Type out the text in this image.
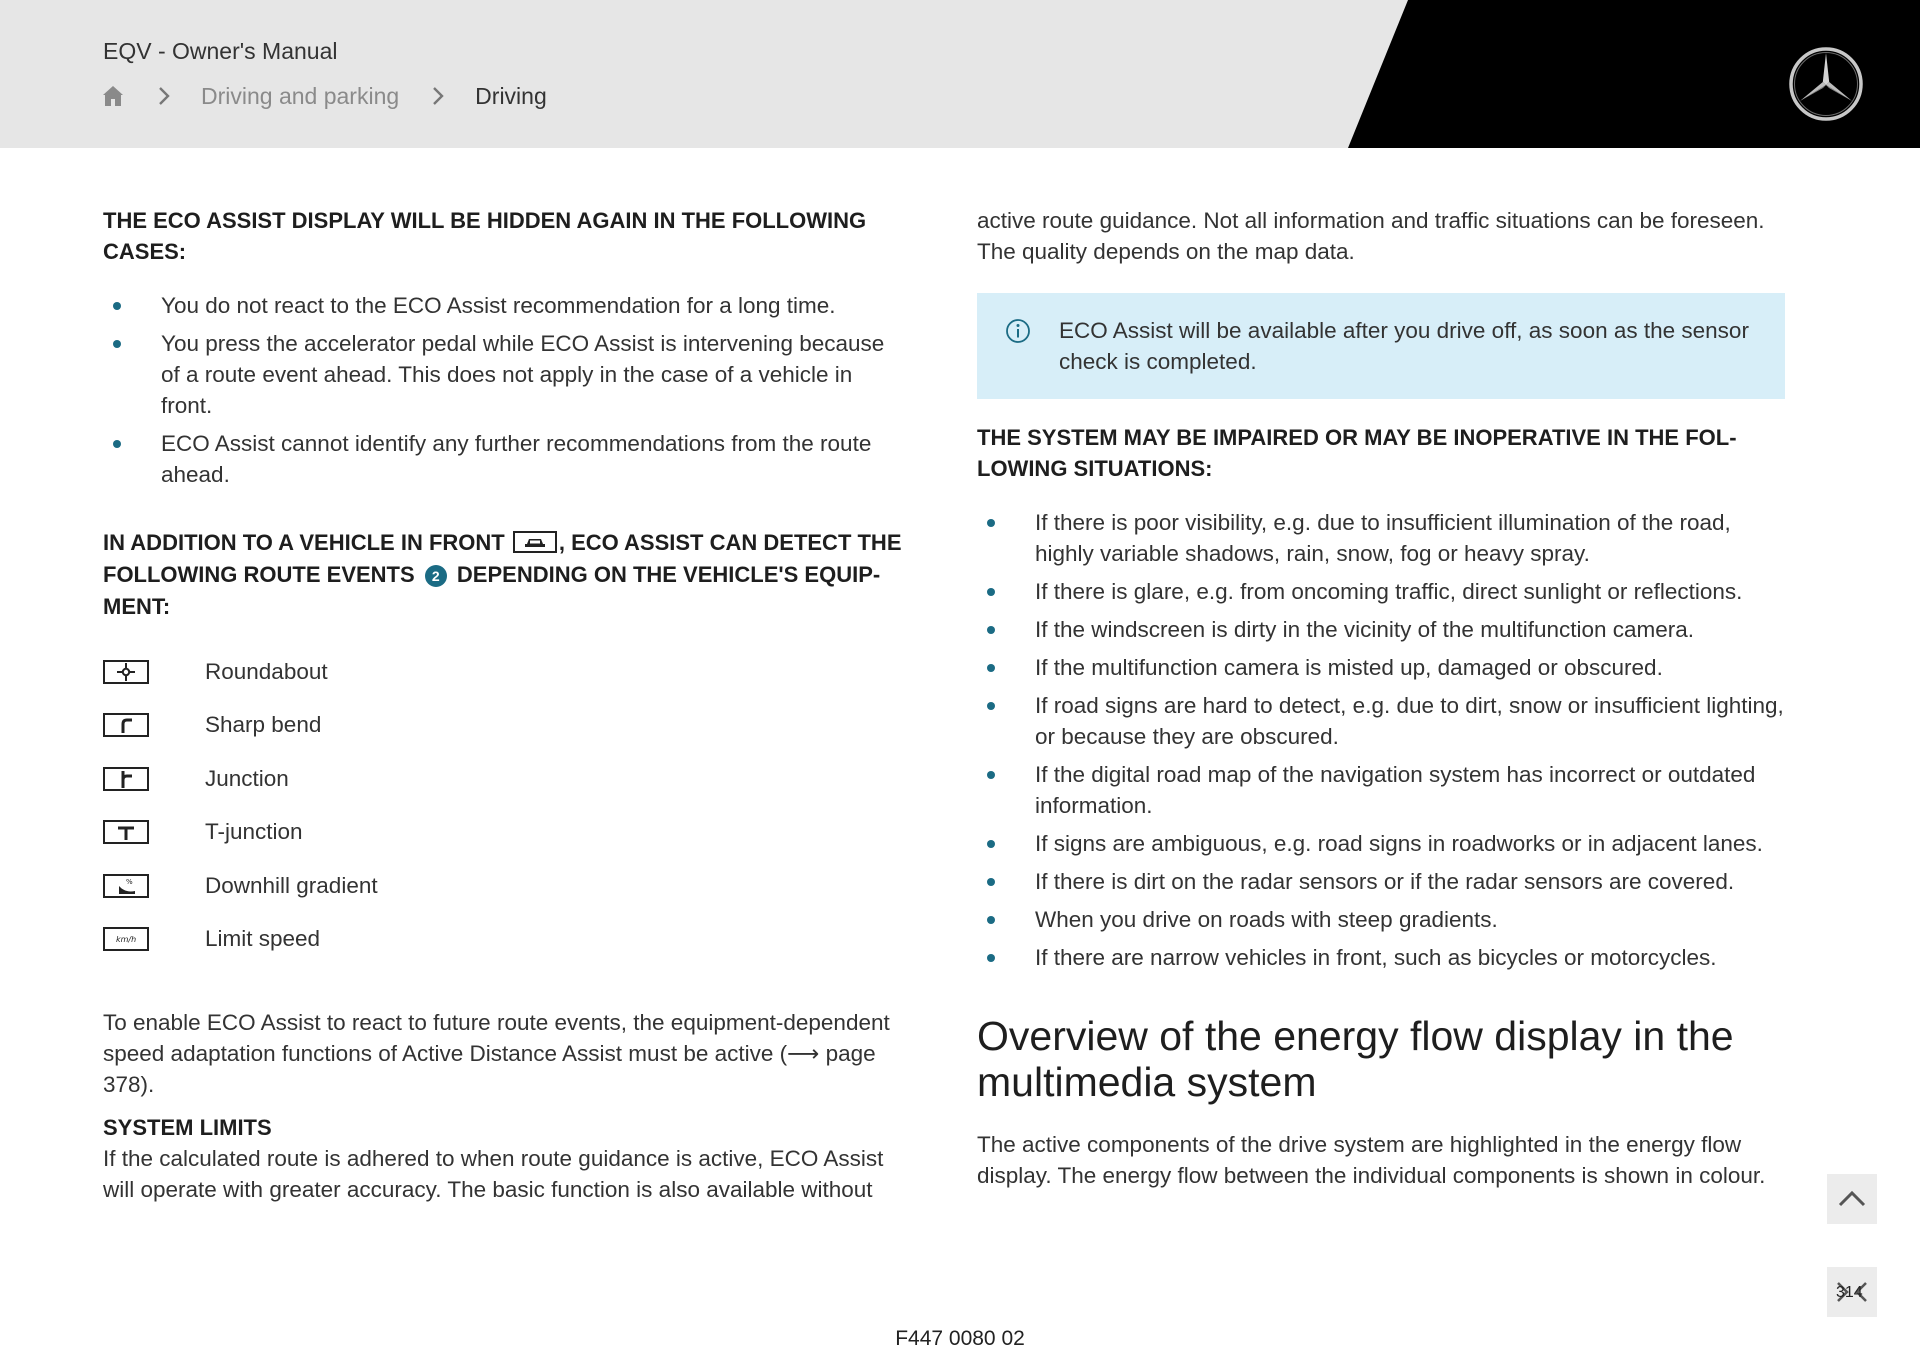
EQV - Owner's Manual
Driving and parking	Driving

THE ECO ASSIST DISPLAY WILL BE HIDDEN AGAIN IN THE FOLLOWING CASES:

You do not react to the ECO Assist recommendation for a long time.
You press the accelerator pedal while ECO Assist is intervening because of a route event ahead. This does not apply in the case of a vehicle in front.
ECO Assist cannot identify any further recommendations from the route ahead.

IN ADDITION TO A VEHICLE IN FRONT , ECO ASSIST CAN DETECT THE FOLLOWING ROUTE EVENTS 2 DEPENDING ON THE VEHICLE'S EQUIPMENT:

Roundabout
Sharp bend
Junction
T-junction
%	Downhill gradient
km/h	Limit speed

To enable ECO Assist to react to future route events, the equipment-dependent speed adaptation functions of Active Distance Assist must be active (⟶ page 378).

SYSTEM LIMITS

If the calculated route is adhered to when route guidance is active, ECO Assist will operate with greater accuracy. The basic function is also available without

active route guidance. Not all information and traffic situations can be foreseen. The quality depends on the map data.

ECO Assist will be available after you drive off, as soon as the sensor check is completed.

THE SYSTEM MAY BE IMPAIRED OR MAY BE INOPERATIVE IN THE FOLLOWING SITUATIONS:

If there is poor visibility, e.g. due to insufficient illumination of the road, highly variable shadows, rain, snow, fog or heavy spray.
If there is glare, e.g. from oncoming traffic, direct sunlight or reflections.
If the windscreen is dirty in the vicinity of the multifunction camera.
If the multifunction camera is misted up, damaged or obscured.
If road signs are hard to detect, e.g. due to dirt, snow or insufficient lighting, or because they are obscured.
If the digital road map of the navigation system has incorrect or outdated information.
If signs are ambiguous, e.g. road signs in roadworks or in adjacent lanes.
If there is dirt on the radar sensors or if the radar sensors are covered.
When you drive on roads with steep gradients.
If there are narrow vehicles in front, such as bicycles or motorcycles.
Overview of the energy flow display in the multimedia system

The active components of the drive system are highlighted in the energy flow display. The energy flow between the individual components is shown in colour.

314
F447 0080 02
